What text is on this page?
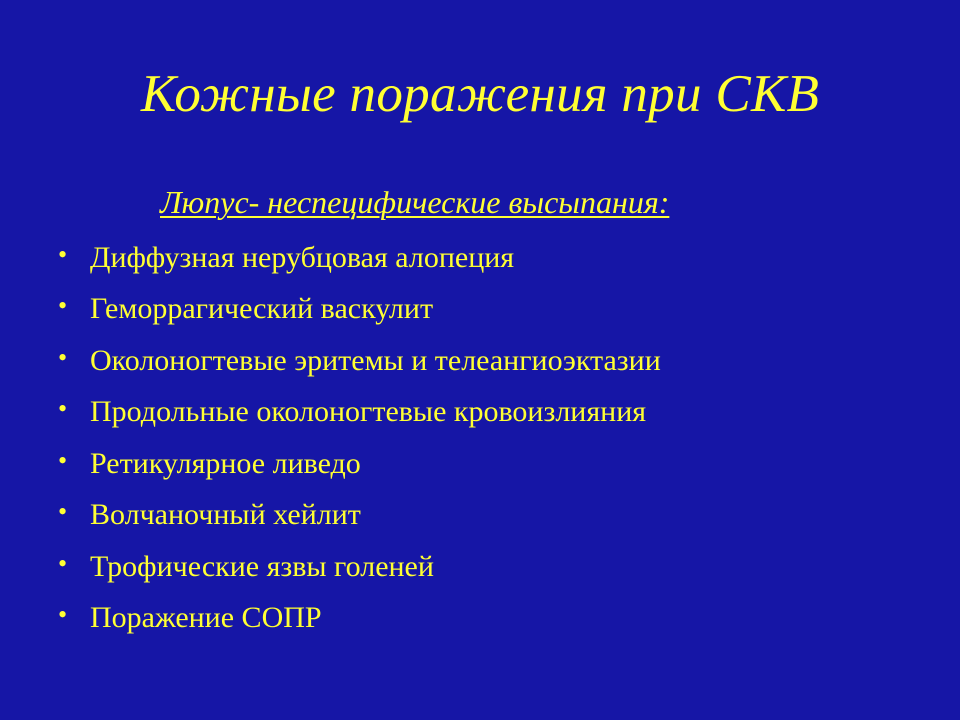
Кожные поражения при СКВ
Люпус- неспецифические высыпания:
• Диффузная нерубцовая алопеция
• Геморрагический васкулит
• Околоногтевые эритемы и телеангиоэктазии
• Продольные околоногтевые кровоизлияния
• Ретикулярное ливедо
• Волчаночный хейлит
• Трофические язвы голеней
• Поражение СОПР
